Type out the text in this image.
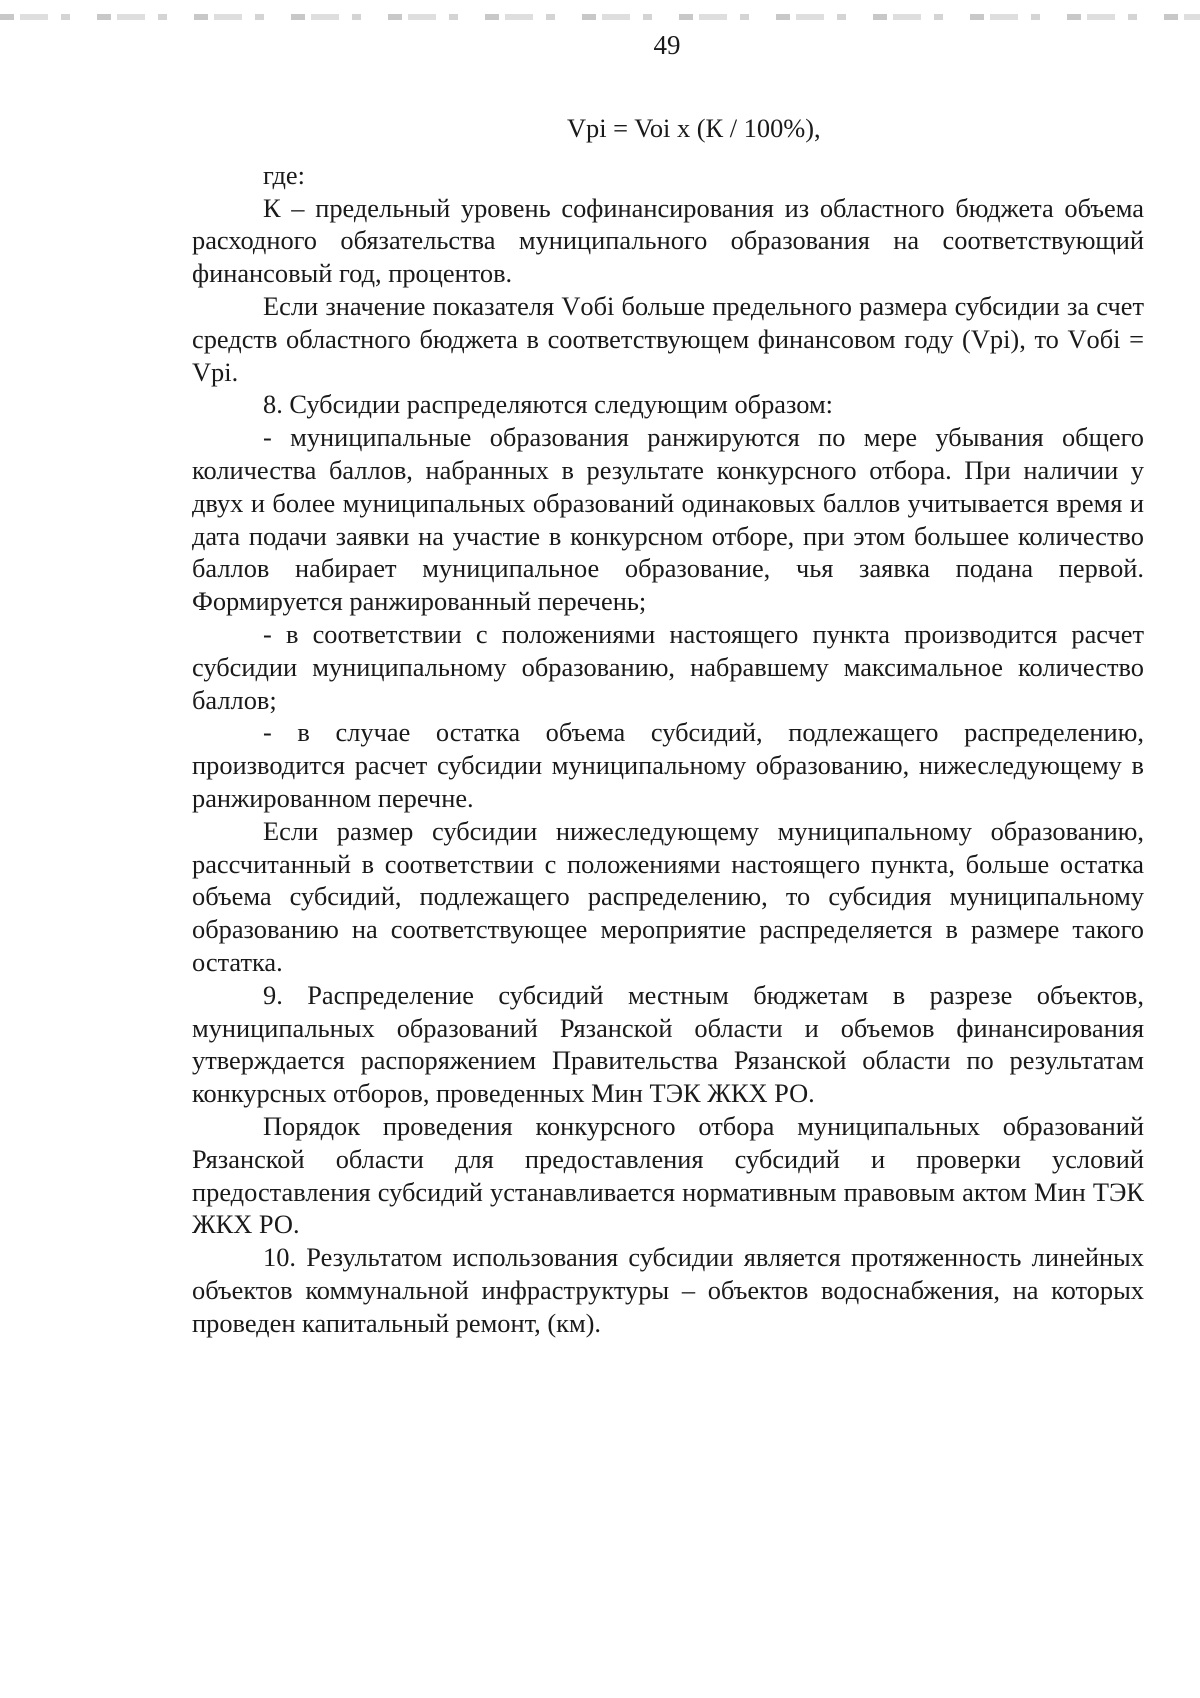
49
Vpi = Voi x (К / 100%),

где:

К – предельный уровень софинансирования из областного бюджета объема расходного обязательства муниципального образования на соответствующий финансовый год, процентов.

Если значение показателя Vобi больше предельного размера субсидии за счет средств областного бюджета в соответствующем финансовом году (Vpi), то Vобi = Vpi.

8. Субсидии распределяются следующим образом:

- муниципальные образования ранжируются по мере убывания общего количества баллов, набранных в результате конкурсного отбора. При наличии у двух и более муниципальных образований одинаковых баллов учитывается время и дата подачи заявки на участие в конкурсном отборе, при этом большее количество баллов набирает муниципальное образование, чья заявка подана первой. Формируется ранжированный перечень;

- в соответствии с положениями настоящего пункта производится расчет субсидии муниципальному образованию, набравшему максимальное количество баллов;

- в случае остатка объема субсидий, подлежащего распределению, производится расчет субсидии муниципальному образованию, нижеследующему в ранжированном перечне.

Если размер субсидии нижеследующему муниципальному образованию, рассчитанный в соответствии с положениями настоящего пункта, больше остатка объема субсидий, подлежащего распределению, то субсидия муниципальному образованию на соответствующее мероприятие распределяется в размере такого остатка.

9. Распределение субсидий местным бюджетам в разрезе объектов, муниципальных образований Рязанской области и объемов финансирования утверждается распоряжением Правительства Рязанской области по результатам конкурсных отборов, проведенных Мин ТЭК ЖКХ РО.

Порядок проведения конкурсного отбора муниципальных образований Рязанской области для предоставления субсидий и проверки условий предоставления субсидий устанавливается нормативным правовым актом Мин ТЭК ЖКХ РО.

10. Результатом использования субсидии является протяженность линейных объектов коммунальной инфраструктуры – объектов водоснабжения, на которых проведен капитальный ремонт, (км).
